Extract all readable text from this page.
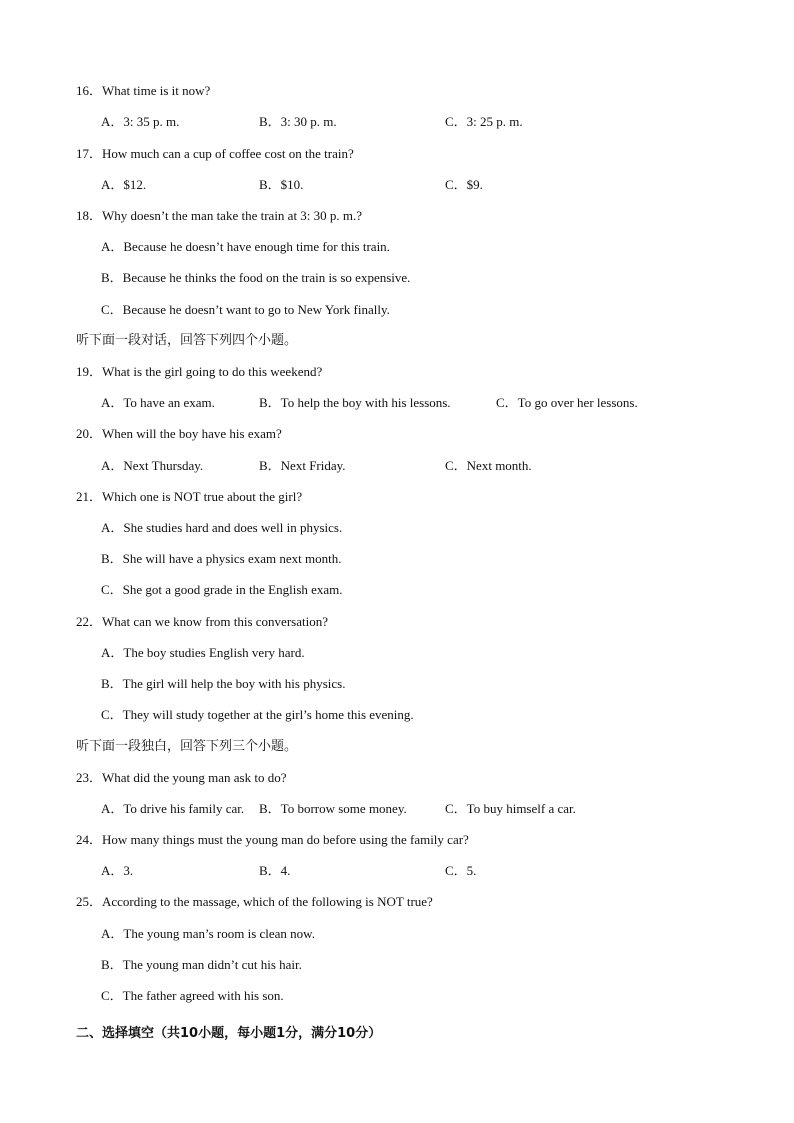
16．What time is it now?
A．3: 35 p. m.	B．3: 30 p. m.	C．3: 25 p. m.
17．How much can a cup of coffee cost on the train?
A．$12.	B．$10.	C．$9.
18．Why doesn’t the man take the train at 3: 30 p. m.?
A．Because he doesn’t have enough time for this train.
B．Because he thinks the food on the train is so expensive.
C．Because he doesn’t want to go to New York finally.
听下面一段对话，回答下列四个小题。
19．What is the girl going to do this weekend?
A．To have an exam.	B．To help the boy with his lessons.	C．To go over her lessons.
20．When will the boy have his exam?
A．Next Thursday.	B．Next Friday.	C．Next month.
21．Which one is NOT true about the girl?
A．She studies hard and does well in physics.
B．She will have a physics exam next month.
C．She got a good grade in the English exam.
22．What can we know from this conversation?
A．The boy studies English very hard.
B．The girl will help the boy with his physics.
C．They will study together at the girl’s home this evening.
听下面一段独白，回答下列三个小题。
23．What did the young man ask to do?
A．To drive his family car. B．To borrow some money.	C．To buy himself a car.
24．How many things must the young man do before using the family car?
A．3.	B．4.	C．5.
25．According to the massage, which of the following is NOT true?
A．The young man’s room is clean now.
B．The young man didn’t cut his hair.
C．The father agreed with his son.
二、选择填空（共10小题，每小题1分，满分10分）
